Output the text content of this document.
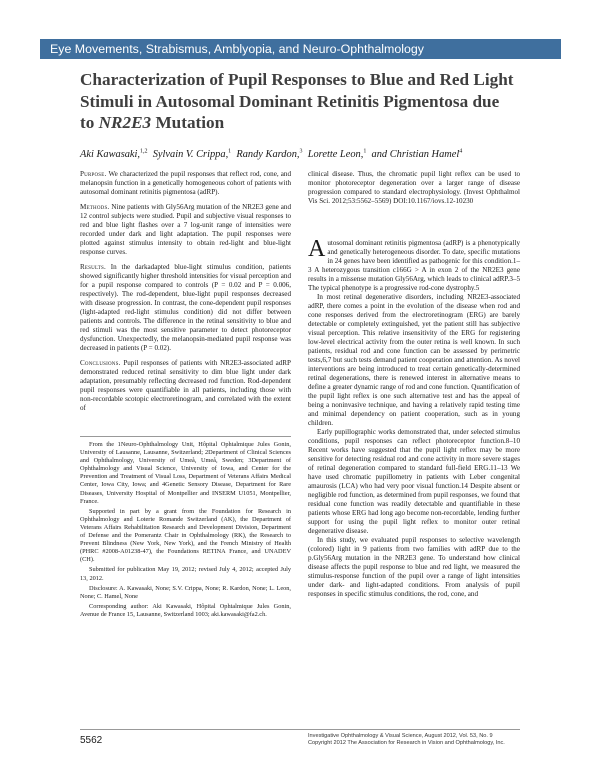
Eye Movements, Strabismus, Amblyopia, and Neuro-Ophthalmology
Characterization of Pupil Responses to Blue and Red Light
Stimuli in Autosomal Dominant Retinitis Pigmentosa due
to NR2E3 Mutation
Aki Kawasaki,$^{1,2}$ Sylvain V. Crippa,$^1$ Randy Kardon,$^3$ Lorette Leon,$^1$ and Christian Hamel$^4$

Purpose. We characterized the pupil responses that reflect rod, cone, and melanopsin function in a genetically homogeneous cohort of patients with autosomal dominant retinitis pigmentosa (adRP).

Methods. Nine patients with Gly56Arg mutation of the NR2E3 gene and 12 control subjects were studied. Pupil and subjective visual responses to red and blue light flashes over a 7 log-unit range of intensities were recorded under dark and light adaptation. The pupil responses were plotted against stimulus intensity to obtain red-light and blue-light response curves.

Results. In the darkadapted blue-light stimulus condition, patients showed significantly higher threshold intensities for visual perception and for a pupil response compared to controls (P = 0.02 and P = 0.006, respectively). The rod-dependent, blue-light pupil responses decreased with disease progression. In contrast, the cone-dependent pupil responses (light-adapted red-light stimulus condition) did not differ between patients and controls. The difference in the retinal sensitivity to blue and red stimuli was the most sensitive parameter to detect photoreceptor dysfunction. Unexpectedly, the melanopsin-mediated pupil response was decreased in patients (P = 0.02).

Conclusions. Pupil responses of patients with NR2E3-associated adRP demonstrated reduced retinal sensitivity to dim blue light under dark adaptation, presumably reflecting decreased rod function. Rod-dependent pupil responses were quantifiable in all patients, including those with non-recordable scotopic electroretinogram, and correlated with the extent of

From the 1Neuro-Ophthalmology Unit, Hôpital Ophtalmique Jules Gonin, University of Lausanne, Lausanne, Switzerland; 2Department of Clinical Sciences and Ophthalmology, University of Umeå, Umeå, Sweden; 3Department of Ophthalmology and Visual Science, University of Iowa, and Center for the Prevention and Treatment of Visual Loss, Department of Veterans Affairs Medical Center, Iowa City, Iowa; and 4Genetic Sensory Disease, Department for Rare Diseases, University Hospital of Montpellier and INSERM U1051, Montpellier, France.

Supported in part by a grant from the Foundation for Research in Ophthalmology and Loterie Romande Switzerland (AK), the Department of Veterans Affairs Rehabilitation Research and Development Division, Department of Defense and the Pomerantz Chair in Ophthalmology (RK), the Research to Prevent Blindness (New York, New York), and the French Ministry of Health (PHRC #2008-A01238-47), the Foundations RETINA France, and UNADEV (CH).

Submitted for publication May 19, 2012; revised July 4, 2012; accepted July 13, 2012.

Disclosure: A. Kawasaki, None; S.V. Crippa, None; R. Kardon, None; L. Leon, None; C. Hamel, None

Corresponding author: Aki Kawasaki, Hôpital Ophtalmique Jules Gonin, Avenue de France 15, Lausanne, Switzerland 1003; aki.kawasaki@fa2.ch.

clinical disease. Thus, the chromatic pupil light reflex can be used to monitor photoreceptor degeneration over a larger range of disease progression compared to standard electrophysiology. (Invest Ophthalmol Vis Sci. 2012;53:5562–5569) DOI:10.1167/iovs.12-10230

Autosomal dominant retinitis pigmentosa (adRP) is a phenotypically and genetically heterogeneous disorder. To date, specific mutations in 24 genes have been identified as pathogenic for this condition.1–3 A heterozygous transition c166G > A in exon 2 of the NR2E3 gene results in a missense mutation Gly56Arg, which leads to clinical adRP.3–5 The typical phenotype is a progressive rod-cone dystrophy.5

In most retinal degenerative disorders, including NR2E3-associated adRP, there comes a point in the evolution of the disease when rod and cone responses derived from the electroretinogram (ERG) are barely detectable or completely extinguished, yet the patient still has subjective visual perception. This relative insensitivity of the ERG for registering low-level electrical activity from the outer retina is well known. In such patients, residual rod and cone function can be assessed by perimetric tests,6,7 but such tests demand patient cooperation and attention. As novel interventions are being introduced to treat certain genetically-determined retinal degenerations, there is renewed interest in alternative means to define a greater dynamic range of rod and cone function. Quantification of the pupil light reflex is one such alternative test and has the appeal of being a noninvasive technique, and having a relatively rapid testing time and minimal dependency on patient cooperation, such as in young children.

Early pupillographic works demonstrated that, under selected stimulus conditions, pupil responses can reflect photoreceptor function.8–10 Recent works have suggested that the pupil light reflex may be more sensitive for detecting residual rod and cone activity in more severe stages of retinal degeneration compared to standard full-field ERG.11–13 We have used chromatic pupillometry in patients with Leber congenital amaurosis (LCA) who had very poor visual function.14 Despite absent or negligible rod function, as determined from pupil responses, we found that residual cone function was readily detectable and quantifiable in these patients whose ERG had long ago become non-recordable, lending further support for using the pupil light reflex to monitor outer retinal degenerative disease.

In this study, we evaluated pupil responses to selective wavelength (colored) light in 9 patients from two families with adRP due to the p.Gly56Arg mutation in the NR2E3 gene. To understand how clinical disease affects the pupil response to blue and red light, we measured the stimulus-response function of the pupil over a range of light intensities under dark- and light-adapted conditions. From analysis of pupil responses in specific stimulus conditions, the rod, cone, and

5562	Investigative Ophthalmology & Visual Science, August 2012, Vol. 53, No. 9
Copyright 2012 The Association for Research in Vision and Ophthalmology, Inc.
